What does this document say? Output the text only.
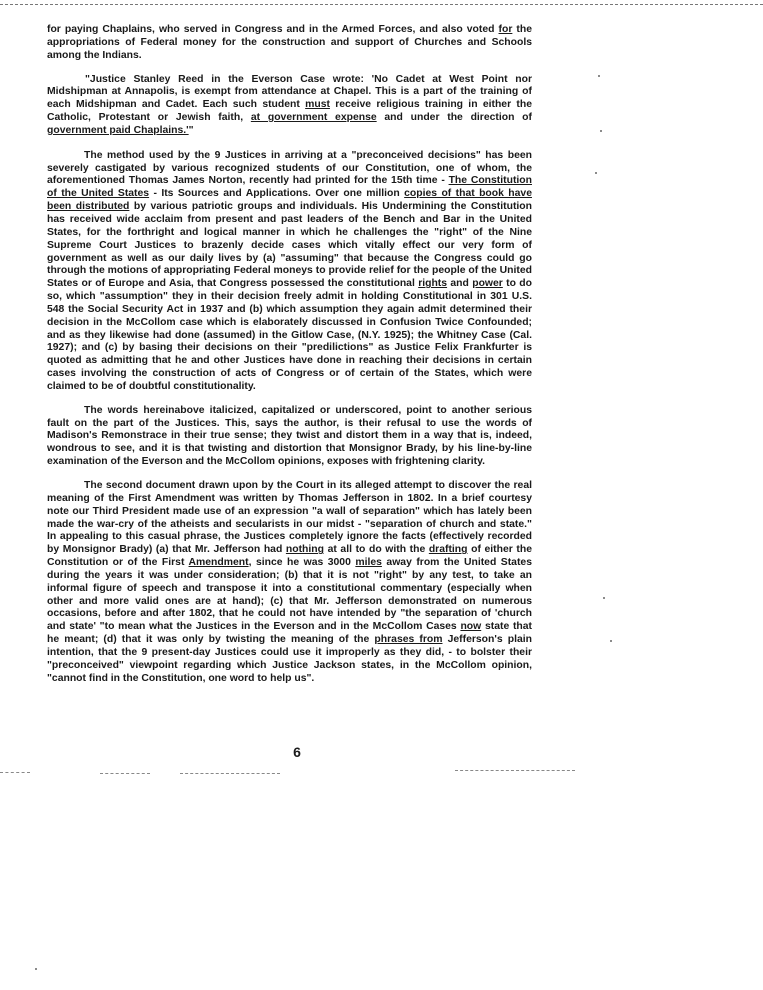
for paying Chaplains, who served in Congress and in the Armed Forces, and also voted for the appropriations of Federal money for the construction and support of Churches and Schools among the Indians.

"Justice Stanley Reed in the Everson Case wrote: 'No Cadet at West Point nor Midshipman at Annapolis, is exempt from attendance at Chapel. This is a part of the training of each Midshipman and Cadet. Each such student must receive religious training in either the Catholic, Protestant or Jewish faith, at government expense and under the direction of government paid Chaplains.'"

The method used by the 9 Justices in arriving at a "preconceived decisions" has been severely castigated by various recognized students of our Constitution, one of whom, the aforementioned Thomas James Norton, recently had printed for the 15th time - The Constitution of the United States - Its Sources and Applications. Over one million copies of that book have been distributed by various patriotic groups and individuals. His Undermining the Constitution has received wide acclaim from present and past leaders of the Bench and Bar in the United States, for the forthright and logical manner in which he challenges the "right" of the Nine Supreme Court Justices to brazenly decide cases which vitally effect our very form of government as well as our daily lives by (a) "assuming" that because the Congress could go through the motions of appropriating Federal moneys to provide relief for the people of the United States or of Europe and Asia, that Congress possessed the constitutional rights and power to do so, which "assumption" they in their decision freely admit in holding Constitutional in 301 U.S. 548 the Social Security Act in 1937 and (b) which assumption they again admit determined their decision in the McCollom case which is elaborately discussed in Confusion Twice Confounded; and as they likewise had done (assumed) in the Gitlow Case, (N.Y. 1925); the Whitney Case (Cal. 1927); and (c) by basing their decisions on their "predilictions" as Justice Felix Frankfurter is quoted as admitting that he and other Justices have done in reaching their decisions in certain cases involving the construction of acts of Congress or of certain of the States, which were claimed to be of doubtful constitutionality.

The words hereinabove italicized, capitalized or underscored, point to another serious fault on the part of the Justices. This, says the author, is their refusal to use the words of Madison's Remonstrace in their true sense; they twist and distort them in a way that is, indeed, wondrous to see, and it is that twisting and distortion that Monsignor Brady, by his line-by-line examination of the Everson and the McCollom opinions, exposes with frightening clarity.

The second document drawn upon by the Court in its alleged attempt to discover the real meaning of the First Amendment was written by Thomas Jefferson in 1802. In a brief courtesy note our Third President made use of an expression "a wall of separation" which has lately been made the war-cry of the atheists and secularists in our midst - "separation of church and state." In appealing to this casual phrase, the Justices completely ignore the facts (effectively recorded by Monsignor Brady) (a) that Mr. Jefferson had nothing at all to do with the drafting of either the Constitution or of the First Amendment, since he was 3000 miles away from the United States during the years it was under consideration; (b) that it is not "right" by any test, to take an informal figure of speech and transpose it into a constitutional commentary (especially when other and more valid ones are at hand); (c) that Mr. Jefferson demonstrated on numerous occasions, before and after 1802, that he could not have intended by "the separation of 'church and state' "to mean what the Justices in the Everson and in the McCollom Cases now state that he meant; (d) that it was only by twisting the meaning of the phrases from Jefferson's plain intention, that the 9 present-day Justices could use it improperly as they did, - to bolster their "preconceived" viewpoint regarding which Justice Jackson states, in the McCollom opinion, "cannot find in the Constitution, one word to help us".

6
